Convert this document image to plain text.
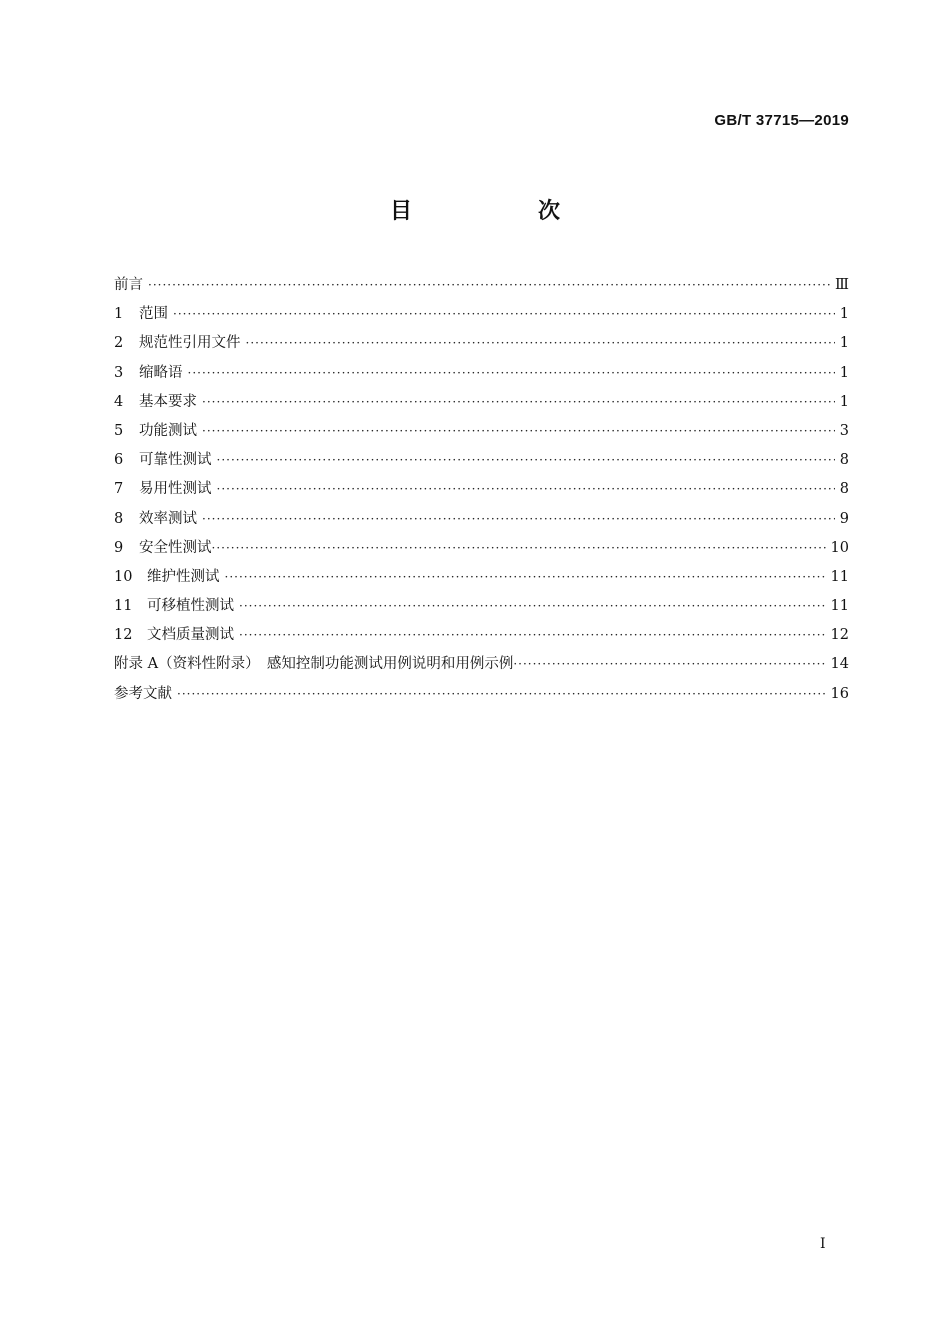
GB/T 37715—2019
目　次
前言 ·····	Ⅲ
1	范围 ·····	1
2	规范性引用文件 ·····	1
3	缩略语 ·····	1
4	基本要求 ·····	1
5	功能测试 ·····	3
6	可靠性测试 ·····	8
7	易用性测试 ·····	8
8	效率测试 ·····	9
9	安全性测试 ·····	10
10	维护性测试 ·····	11
11	可移植性测试 ·····	11
12	文档质量测试 ·····	12
附录 A（资料性附录）　感知控制功能测试用例说明和用例示例 ·····	14
参考文献 ·····	16
I
